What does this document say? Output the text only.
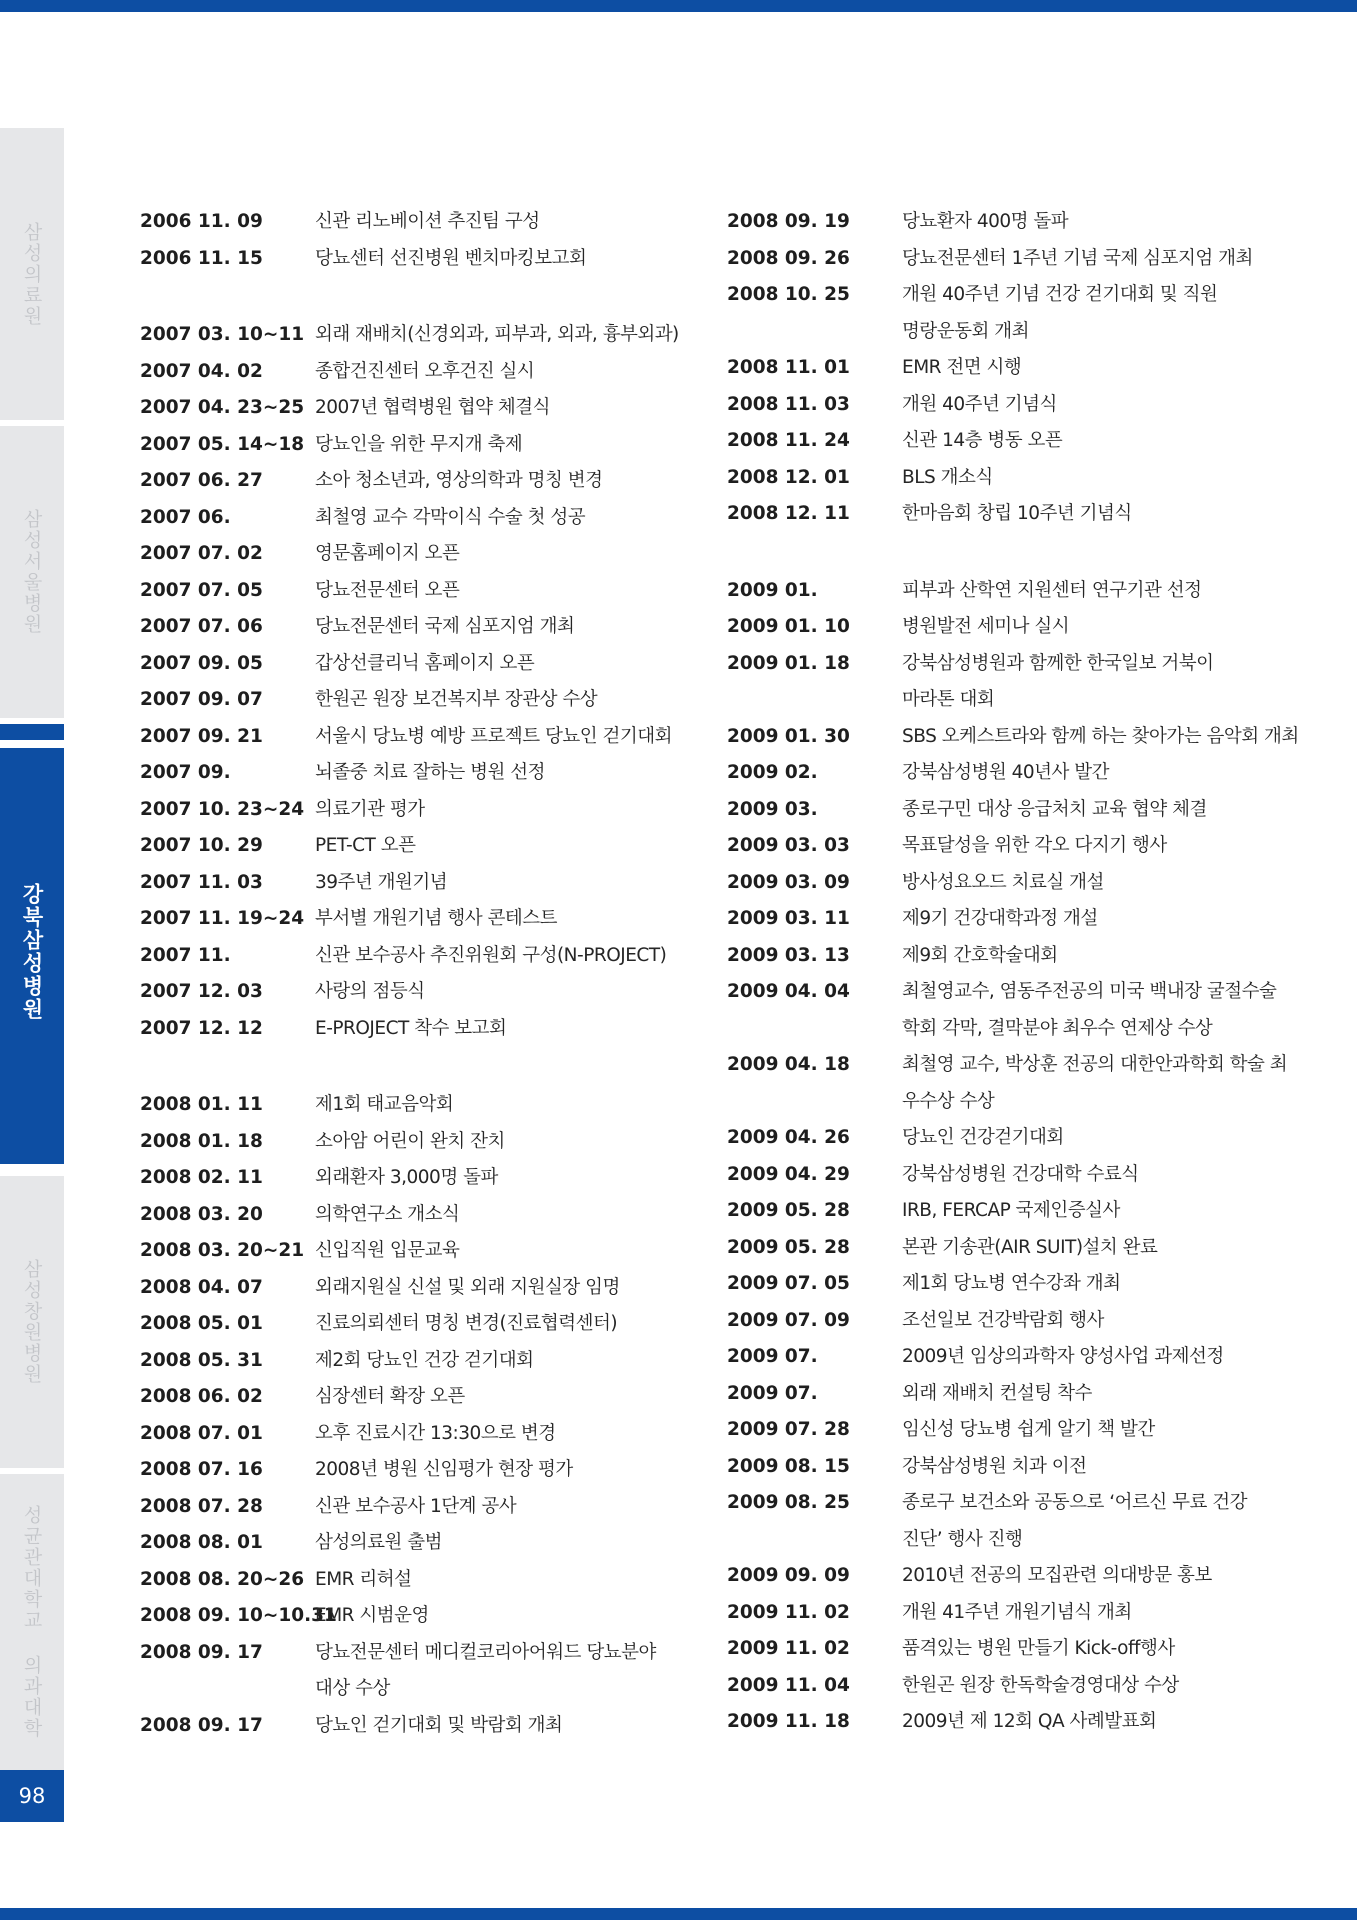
삼성의료원
삼성서울병원
강북삼성병원
삼성창원병원
성균관대학교 의과대학
98
2006 11. 09	신관 리노베이션 추진팀 구성
2006 11. 15	당뇨센터 선진병원 벤치마킹보고회
2007 03. 10~11 외래 재배치(신경외과, 피부과, 외과, 흉부외과)
2007 04. 02	종합건진센터 오후건진 실시
2007 04. 23~25 2007년 협력병원 협약 체결식
2007 05. 14~18 당뇨인을 위한 무지개 축제
2007 06. 27	소아 청소년과, 영상의학과 명칭 변경
2007 06.	최철영 교수 각막이식 수술 첫 성공
2007 07. 02	영문홈페이지 오픈
2007 07. 05	당뇨전문센터 오픈
2007 07. 06	당뇨전문센터 국제 심포지엄 개최
2007 09. 05	갑상선클리닉 홈페이지 오픈
2007 09. 07	한원곤 원장 보건복지부 장관상 수상
2007 09. 21	서울시 당뇨병 예방 프로젝트 당뇨인 걷기대회
2007 09.	뇌졸중 치료 잘하는 병원 선정
2007 10. 23~24 의료기관 평가
2007 10. 29	PET-CT 오픈
2007 11. 03	39주년 개원기념
2007 11. 19~24 부서별 개원기념 행사 콘테스트
2007 11.	신관 보수공사 추진위원회 구성(N-PROJECT)
2007 12. 03	사랑의 점등식
2007 12. 12	E-PROJECT 착수 보고회
2008 01. 11	제1회 태교음악회
2008 01. 18	소아암 어린이 완치 잔치
2008 02. 11	외래환자 3,000명 돌파
2008 03. 20	의학연구소 개소식
2008 03. 20~21 신입직원 입문교육
2008 04. 07	외래지원실 신설 및 외래 지원실장 임명
2008 05. 01	진료의뢰센터 명칭 변경(진료협력센터)
2008 05. 31	제2회 당뇨인 건강 걷기대회
2008 06. 02	심장센터 확장 오픈
2008 07. 01	오후 진료시간 13:30으로 변경
2008 07. 16	2008년 병원 신임평가 현장 평가
2008 07. 28	신관 보수공사 1단계 공사
2008 08. 01	삼성의료원 출범
2008 08. 20~26 EMR 리허설
2008 09. 10~10.31
EMR 시범운영
2008 09. 17	당뇨전문센터 메디컬코리아어워드 당뇨분야
대상 수상
2008 09. 17	당뇨인 걷기대회 및 박람회 개최
2008 09. 19	당뇨환자 400명 돌파
2008 09. 26	당뇨전문센터 1주년 기념 국제 심포지엄 개최
2008 10. 25	개원 40주년 기념 건강 걷기대회 및 직원
명랑운동회 개최
2008 11. 01	EMR 전면 시행
2008 11. 03	개원 40주년 기념식
2008 11. 24	신관 14층 병동 오픈
2008 12. 01	BLS 개소식
2008 12. 11	한마음회 창립 10주년 기념식
2009 01.	피부과 산학연 지원센터 연구기관 선정
2009 01. 10	병원발전 세미나 실시
2009 01. 18	강북삼성병원과 함께한 한국일보 거북이
마라톤 대회
2009 01. 30	SBS 오케스트라와 함께 하는 찾아가는 음악회 개최
2009 02.	강북삼성병원 40년사 발간
2009 03.	종로구민 대상 응급처치 교육 협약 체결
2009 03. 03	목표달성을 위한 각오 다지기 행사
2009 03. 09	방사성요오드 치료실 개설
2009 03. 11	제9기 건강대학과정 개설
2009 03. 13	제9회 간호학술대회
2009 04. 04	최철영교수, 염동주전공의 미국 백내장 굴절수술
학회 각막, 결막분야 최우수 연제상 수상
2009 04. 18	최철영 교수, 박상훈 전공의 대한안과학회 학술 최
우수상 수상
2009 04. 26	당뇨인 건강걷기대회
2009 04. 29	강북삼성병원 건강대학 수료식
2009 05. 28	IRB, FERCAP 국제인증실사
2009 05. 28	본관 기송관(AIR SUIT)설치 완료
2009 07. 05	제1회 당뇨병 연수강좌 개최
2009 07. 09	조선일보 건강박람회 행사
2009 07.	2009년 임상의과학자 양성사업 과제선정
2009 07.	외래 재배치 컨설팅 착수
2009 07. 28	임신성 당뇨병 쉽게 알기 책 발간
2009 08. 15	강북삼성병원 치과 이전
2009 08. 25	종로구 보건소와 공동으로 ‘어르신 무료 건강
진단’ 행사 진행
2009 09. 09	2010년 전공의 모집관련 의대방문 홍보
2009 11. 02	개원 41주년 개원기념식 개최
2009 11. 02	품격있는 병원 만들기 Kick-off행사
2009 11. 04	한원곤 원장 한독학술경영대상 수상
2009 11. 18	2009년 제 12회 QA 사례발표회
